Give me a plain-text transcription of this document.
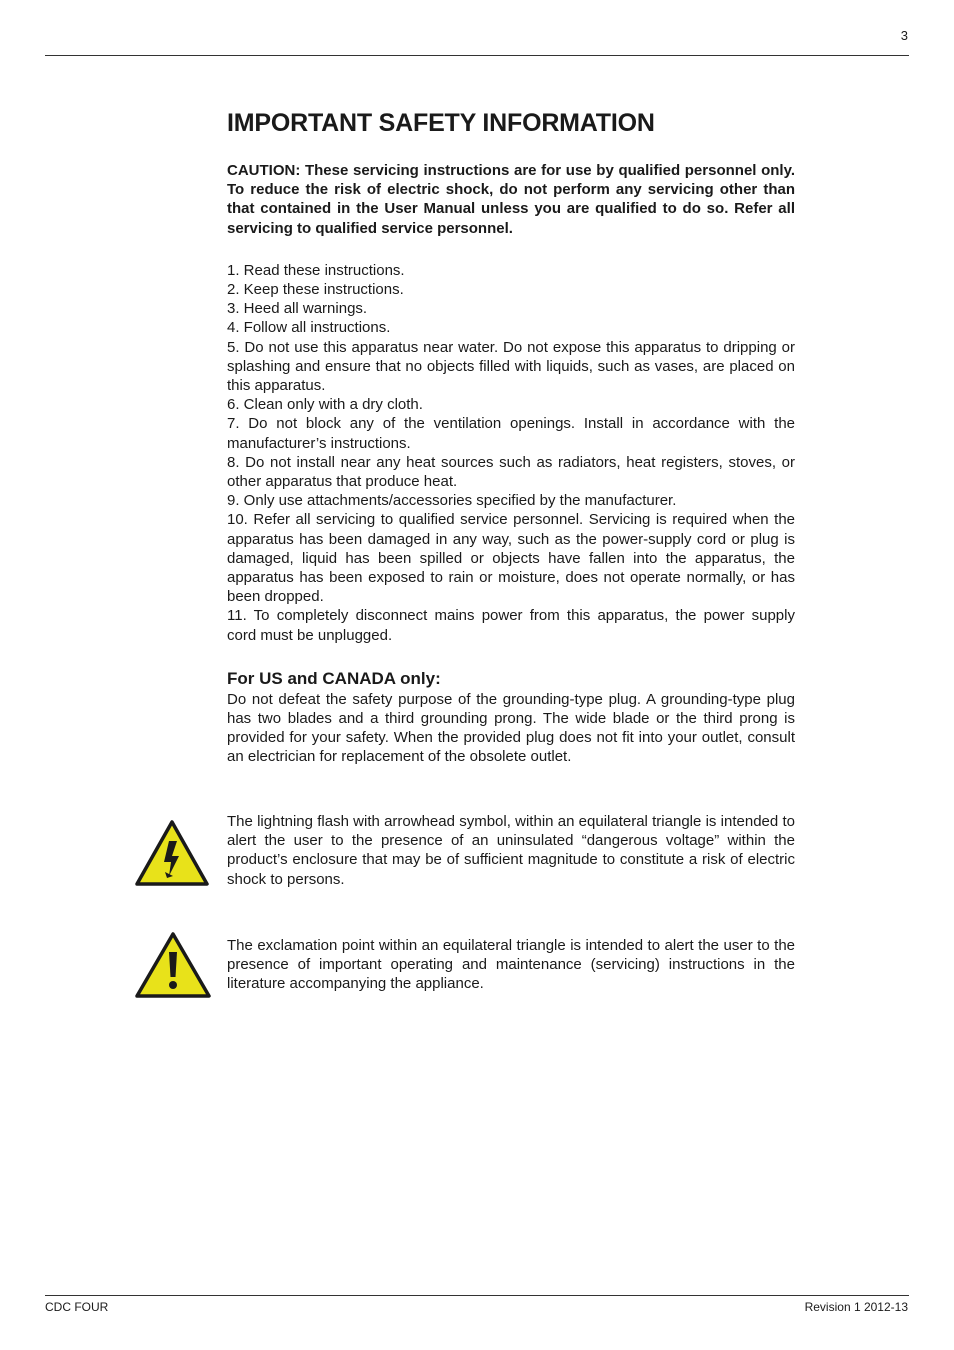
3
IMPORTANT SAFETY INFORMATION

CAUTION: These servicing instructions are for use by qualified personnel only. To reduce the risk of electric shock, do not perform any servicing other than that contained in the User Manual unless you are qualified to do so. Refer all servicing to qualified service personnel.

1. Read these instructions.
2. Keep these instructions.
3. Heed all warnings.
4. Follow all instructions.
5. Do not use this apparatus near water. Do not expose this apparatus to dripping or splashing and ensure that no objects filled with liquids, such as vases, are placed on this apparatus.
6. Clean only with a dry cloth.
7. Do not block any of the ventilation openings. Install in accordance with the manufacturer’s instructions.
8. Do not install near any heat sources such as radiators, heat registers, stoves, or other apparatus that produce heat.
9. Only use attachments/accessories specified by the manufacturer.
10. Refer all servicing to qualified service personnel. Servicing is required when the apparatus has been damaged in any way, such as the power-supply cord or plug is damaged, liquid has been spilled or objects have fallen into the apparatus, the apparatus has been exposed to rain or moisture, does not operate normally, or has been dropped.
11. To completely disconnect mains power from this apparatus, the power supply cord must be unplugged.
For US and CANADA only:

Do not defeat the safety purpose of the grounding-type plug. A grounding-type plug has two blades and a third grounding prong. The wide blade or the third prong is provided for your safety. When the provided plug does not fit into your outlet, consult an electrician for replacement of the obsolete outlet.

The lightning flash with arrowhead symbol, within an equilateral triangle is intended to alert the user to the presence of an uninsulated “dangerous voltage” within the product’s enclosure that may be of sufficient magnitude to constitute a risk of electric shock to persons.
The exclamation point within an equilateral triangle is intended to alert the user to the presence of important operating and maintenance (servicing) instructions in the literature accompanying the appliance.
CDC FOUR	Revision 1 2012-13
